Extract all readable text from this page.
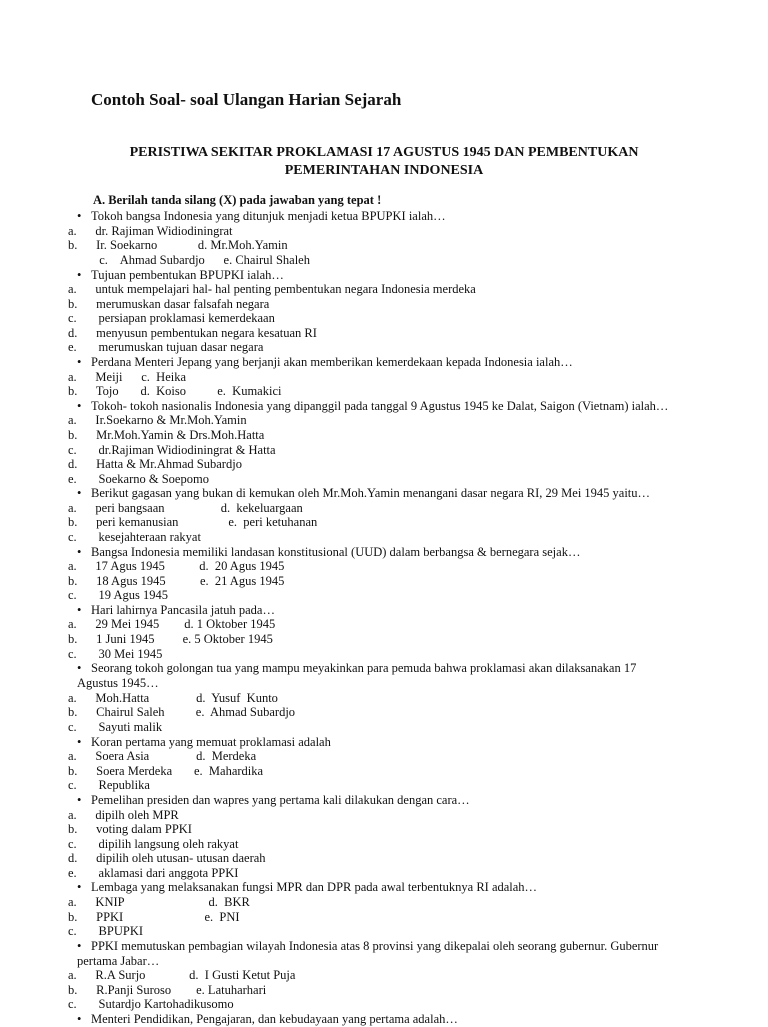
Contoh Soal- soal Ulangan Harian Sejarah
PERISTIWA SEKITAR PROKLAMASI 17 AGUSTUS 1945 DAN PEMBENTUKAN
PEMERINTAHAN INDONESIA
A. Berilah tanda silang (X) pada jawaban yang tepat !
• Tokoh bangsa Indonesia yang ditunjuk menjadi ketua BPUPKI ialah…
a.      dr. Rajiman Widiodiningrat
b.      Ir. Soekarno             d. Mr.Moh.Yamin
c.    Ahmad Subardjo      e. Chairul Shaleh
• Tujuan pembentukan BPUPKI ialah…
a.      untuk mempelajari hal- hal penting pembentukan negara Indonesia merdeka
b.      merumuskan dasar falsafah negara
c.       persiapan proklamasi kemerdekaan
d.      menyusun pembentukan negara kesatuan RI
e.       merumuskan tujuan dasar negara
• Perdana Menteri Jepang yang berjanji akan memberikan kemerdekaan kepada Indonesia ialah…
a.      Meiji      c.  Heika
b.      Tojo       d.  Koiso          e.  Kumakici
• Tokoh- tokoh nasionalis Indonesia yang dipanggil pada tanggal 9 Agustus 1945 ke Dalat, Saigon (Vietnam) ialah…
a.      Ir.Soekarno & Mr.Moh.Yamin
b.      Mr.Moh.Yamin & Drs.Moh.Hatta
c.       dr.Rajiman Widiodiningrat & Hatta
d.      Hatta & Mr.Ahmad Subardjo
e.       Soekarno & Soepomo
• Berikut gagasan yang bukan di kemukan oleh Mr.Moh.Yamin menangani dasar negara RI, 29 Mei 1945 yaitu…
a.      peri bangsaan                  d.  kekeluargaan
b.      peri kemanusian                e.  peri ketuhanan
c.       kesejahteraan rakyat
• Bangsa Indonesia memiliki landasan konstitusional (UUD) dalam berbangsa & bernegara sejak…
a.      17 Agus 1945           d.  20 Agus 1945
b.      18 Agus 1945           e.  21 Agus 1945
c.       19 Agus 1945
• Hari lahirnya Pancasila jatuh pada…
a.      29 Mei 1945        d. 1 Oktober 1945
b.      1 Juni 1945         e. 5 Oktober 1945
c.       30 Mei 1945
• Seorang tokoh golongan tua yang mampu meyakinkan para pemuda bahwa proklamasi akan dilaksanakan 17 Agustus 1945…
a.      Moh.Hatta               d.  Yusuf  Kunto
b.      Chairul Saleh          e.  Ahmad Subardjo
c.       Sayuti malik
• Koran pertama yang memuat proklamasi adalah
a.      Soera Asia               d.  Merdeka
b.      Soera Merdeka       e.  Mahardika
c.       Republika
• Pemelihan presiden dan wapres yang pertama kali dilakukan dengan cara…
a.      dipilh oleh MPR
b.      voting dalam PPKI
c.       dipilih langsung oleh rakyat
d.      dipilih oleh utusan- utusan daerah
e.       aklamasi dari anggota PPKI
• Lembaga yang melaksanakan fungsi MPR dan DPR pada awal terbentuknya RI adalah…
a.      KNIP                           d.  BKR
b.      PPKI                          e.  PNI
c.       BPUPKI
• PPKI memutuskan pembagian wilayah Indonesia atas 8 provinsi yang dikepalai oleh seorang gubernur. Gubernur pertama Jabar…
a.      R.A Surjo              d.  I Gusti Ketut Puja
b.      R.Panji Suroso        e. Latuharhari
c.       Sutardjo Kartohadikusomo
• Menteri Pendidikan, Pengajaran, dan kebudayaan yang pertama adalah…
